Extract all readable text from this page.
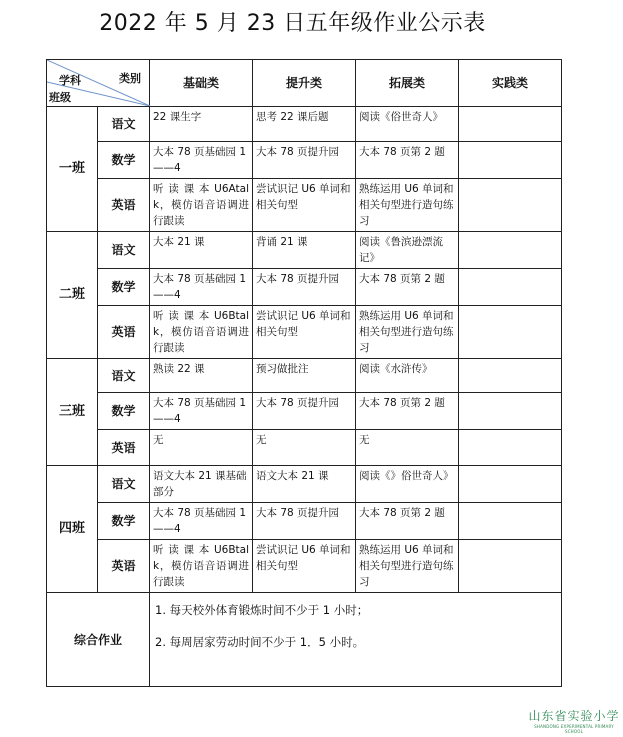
2022 年 5 月 23 日五年级作业公示表
学科 类别
班级		基础类	提升类	拓展类	实践类
一班	语文	22 课生字	思考 22 课后题	阅读《俗世奇人》	
	数学	大本 78 页基础园 1——4	大本 78 页提升园	大本 78 页第 2 题	
	英语	听 读 课 本 U6Atalk，模仿语音语调进行跟读	尝试识记 U6 单词和相关句型	熟练运用 U6 单词和相关句型进行造句练习	
二班	语文	大本 21 课	背诵 21 课	阅读《鲁滨逊漂流记》	
	数学	大本 78 页基础园 1——4	大本 78 页提升园	大本 78 页第 2 题	
	英语	听 读 课 本 U6Btalk，模仿语音语调进行跟读	尝试识记 U6 单词和相关句型	熟练运用 U6 单词和相关句型进行造句练习	
三班	语文	熟读 22 课	预习做批注	阅读《水浒传》	
	数学	大本 78 页基础园 1——4	大本 78 页提升园	大本 78 页第 2 题	
	英语	无	无	无	
四班	语文	语文大本 21 课基础部分	语文大本 21 课	阅读《》俗世奇人》	
	数学	大本 78 页基础园 1——4	大本 78 页提升园	大本 78 页第 2 题	
	英语	听 读 课 本 U6Btalk，模仿语音语调进行跟读	尝试识记 U6 单词和相关句型	熟练运用 U6 单词和相关句型进行造句练习	
综合作业		1. 每天校外体育锻炼时间不少于 1 小时；

2. 每周居家劳动时间不少于 1．5 小时。			

山东省实验小学
SHANDONG EXPERIMENTAL PRIMARY SCHOOL
